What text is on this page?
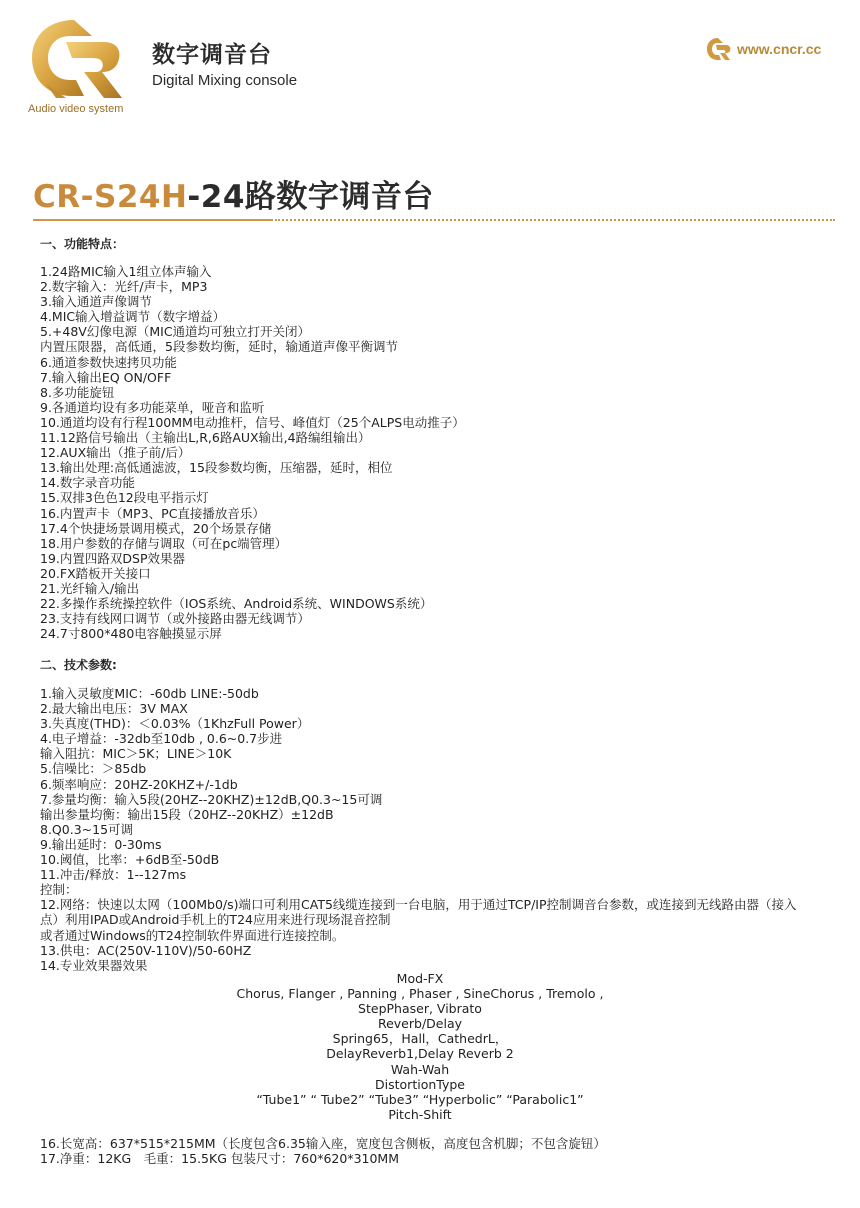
Audio video system
数字调音台
Digital Mixing console
www.cncr.cc
CR-S24H-24路数字调音台
一、功能特点：
1.24路MIC输入1组立体声输入
2.数字输入：光纤/声卡，MP3
3.输入通道声像调节
4.MIC输入增益调节（数字增益）
5.+48V幻像电源（MIC通道均可独立打开关闭）
内置压限器，高低通，5段参数均衡，延时，输通道声像平衡调节
6.通道参数快速拷贝功能
7.输入输出EQ ON/OFF
8.多功能旋钮
9.各通道均设有多功能菜单，哑音和监听
10.通道均设有行程100MM电动推杆，信号、峰值灯（25个ALPS电动推子）
11.12路信号输出（主输出L,R,6路AUX输出,4路编组输出）
12.AUX输出（推子前/后）
13.输出处理:高低通滤波，15段参数均衡，压缩器，延时，相位
14.数字录音功能
15.双排3色色12段电平指示灯
16.内置声卡（MP3、PC直接播放音乐）
17.4个快捷场景调用模式，20个场景存储
18.用户参数的存储与调取（可在pc端管理）
19.内置四路双DSP效果器
20.FX踏板开关接口
21.光纤输入/输出
22.多操作系统操控软件（IOS系统、Android系统、WINDOWS系统）
23.支持有线网口调节（或外接路由器无线调节）
24.7寸800*480电容触摸显示屏
二、技术参数:
1.输入灵敏度MIC：-60db LINE:-50db
2.最大输出电压：3V MAX
3.失真度(THD)：＜0.03%（1KhzFull Power）
4.电子增益：-32db至10db , 0.6~0.7步进
输入阻抗：MIC＞5K；LINE＞10K
5.信噪比：＞85db
6.频率响应：20HZ-20KHZ+/-1db
7.参量均衡：输入5段(20HZ--20KHZ)±12dB,Q0.3~15可调
输出参量均衡：输出15段（20HZ--20KHZ）±12dB
8.Q0.3~15可调
9.输出延时：0-30ms
10.阈值，比率：+6dB至-50dB
11.冲击/释放：1--127ms
控制：
12.网络：快速以太网（100Mb0/s)端口可利用CAT5线缆连接到一台电脑，用于通过TCP/IP控制调音台参数，或连接到无线路由器（接入点）利用IPAD或Android手机上的T24应用来进行现场混音控制
或者通过Windows的T24控制软件界面进行连接控制。
13.供电：AC(250V-110V)/50-60HZ
14.专业效果器效果
Mod-FX
Chorus, Flanger , Panning , Phaser , SineChorus , Tremolo ,
StepPhaser, Vibrato
Reverb/Delay
Spring65，Hall，CathedrL，
DelayReverb1,Delay Reverb 2
Wah-Wah
DistortionType
“Tube1” “ Tube2” “Tube3” “Hyperbolic” “Parabolic1”
Pitch-Shift
16.长宽高：637*515*215MM（长度包含6.35输入座，宽度包含侧板，高度包含机脚；不包含旋钮）
17.净重：12KG　毛重：15.5KG 包装尺寸：760*620*310MM
